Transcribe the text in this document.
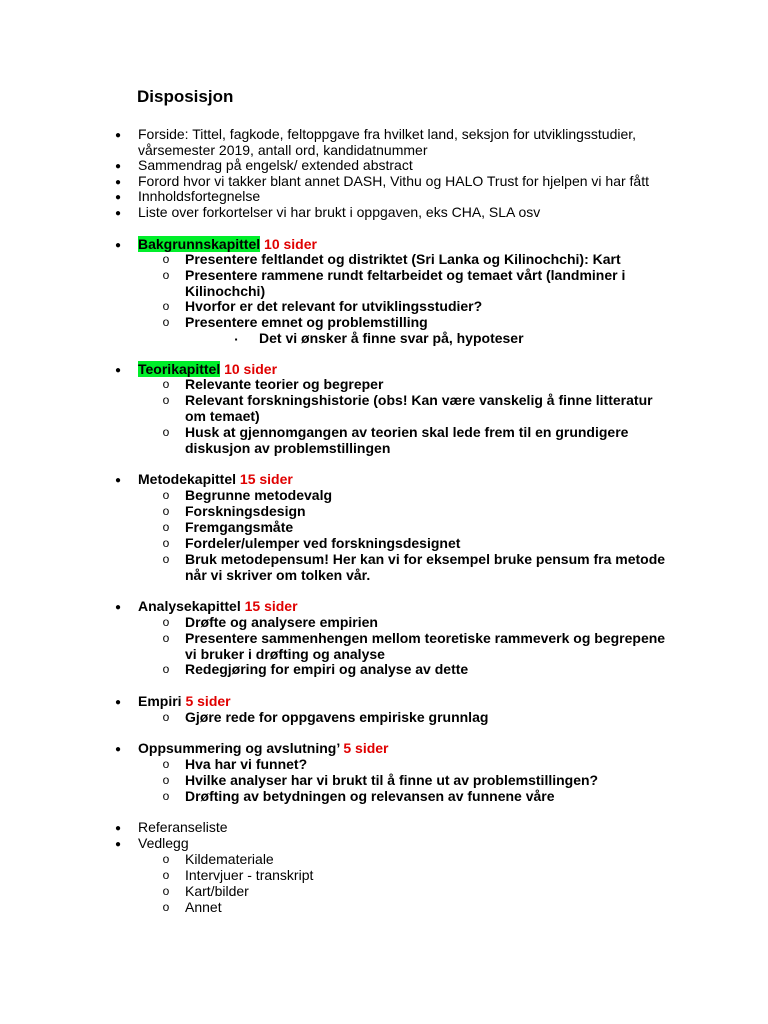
Disposisjon
● Forside: Tittel, fagkode, feltoppgave fra hvilket land, seksjon for utviklingsstudier,
vårsemester 2019, antall ord, kandidatnummer
● Sammendrag på engelsk/ extended abstract
● Forord hvor vi takker blant annet DASH, Vithu og HALO Trust for hjelpen vi har fått
● Innholdsfortegnelse
● Liste over forkortelser vi har brukt i oppgaven, eks CHA, SLA osv
● Bakgrunnskapittel 10 sider
o Presentere feltlandet og distriktet (Sri Lanka og Kilinochchi): Kart
o Presentere rammene rundt feltarbeidet og temaet vårt (landminer i
Kilinochchi)
o Hvorfor er det relevant for utviklingsstudier?
o Presentere emnet og problemstilling
▪	Det vi ønsker å finne svar på, hypoteser
● Teorikapittel 10 sider
o Relevante teorier og begreper
o Relevant forskningshistorie (obs! Kan være vanskelig å finne litteratur
om temaet)
o Husk at gjennomgangen av teorien skal lede frem til en grundigere
diskusjon av problemstillingen
● Metodekapittel 15 sider
o Begrunne metodevalg
o Forskningsdesign
o Fremgangsmåte
o Fordeler/ulemper ved forskningsdesignet
o Bruk metodepensum! Her kan vi for eksempel bruke pensum fra metode
når vi skriver om tolken vår.
● Analysekapittel 15 sider
o Drøfte og analysere empirien
o Presentere sammenhengen mellom teoretiske rammeverk og begrepene
vi bruker i drøfting og analyse
o Redegjøring for empiri og analyse av dette
● Empiri 5 sider
o Gjøre rede for oppgavens empiriske grunnlag
● Oppsummering og avslutning’ 5 sider
o Hva har vi funnet?
o Hvilke analyser har vi brukt til å finne ut av problemstillingen?
o Drøfting av betydningen og relevansen av funnene våre
● Referanseliste
● Vedlegg
o Kildemateriale
o Intervjuer - transkript
o Kart/bilder
o Annet
